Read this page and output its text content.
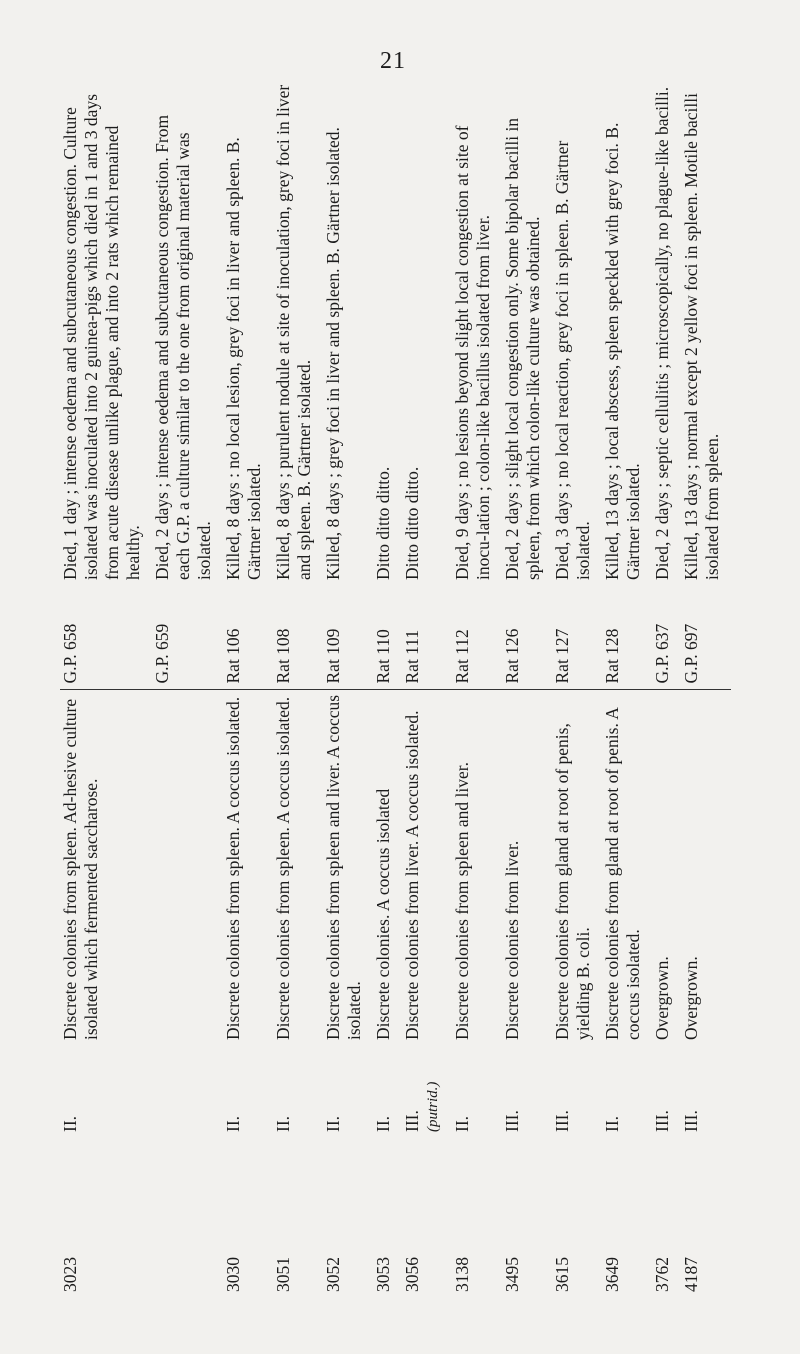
21
3023	II.	Discrete colonies from spleen. Ad-hesive culture isolated which fermented saccharose.	G.P. 658	Died, 1 day ; intense oedema and subcutaneous congestion. Culture isolated was inoculated into 2 guinea-pigs which died in 1 and 3 days from acute disease unlike plague, and into 2 rats which remained healthy.
			G.P. 659	Died, 2 days ; intense oedema and subcutaneous congestion. From each G.P. a culture similar to the one from original material was isolated.
3030	II.	Discrete colonies from spleen. A coccus isolated.	Rat 106	Killed, 8 days : no local lesion, grey foci in liver and spleen. B. Gärtner isolated.
3051	II.	Discrete colonies from spleen. A coccus isolated.	Rat 108	Killed, 8 days ; purulent nodule at site of inoculation, grey foci in liver and spleen. B. Gärtner isolated.
3052	II.	Discrete colonies from spleen and liver. A coccus isolated.	Rat 109	Killed, 8 days ; grey foci in liver and spleen. B. Gärtner isolated.
3053	II.	Discrete colonies. A coccus isolated	Rat 110	Ditto ditto ditto.
3056	III. (putrid.)	Discrete colonies from liver. A coccus isolated.	Rat 111	Ditto ditto ditto.
3138	II.	Discrete colonies from spleen and liver.	Rat 112	Died, 9 days ; no lesions beyond slight local congestion at site of inocu-lation ; colon-like bacillus isolated from liver.
3495	III.	Discrete colonies from liver.	Rat 126	Died, 2 days ; slight local congestion only. Some bipolar bacilli in spleen, from which colon-like culture was obtained.
3615	III.	Discrete colonies from gland at root of penis, yielding B. coli.	Rat 127	Died, 3 days ; no local reaction, grey foci in spleen. B. Gärtner isolated.
3649	II.	Discrete colonies from gland at root of penis. A coccus isolated.	Rat 128	Killed, 13 days ; local abscess, spleen speckled with grey foci. B. Gärtner isolated.
3762	III.	Overgrown.	G.P. 637	Died, 2 days ; septic cellulitis ; microscopically, no plague-like bacilli.
4187	III.	Overgrown.	G.P. 697	Killed, 13 days ; normal except 2 yellow foci in spleen. Motile bacilli isolated from spleen.
